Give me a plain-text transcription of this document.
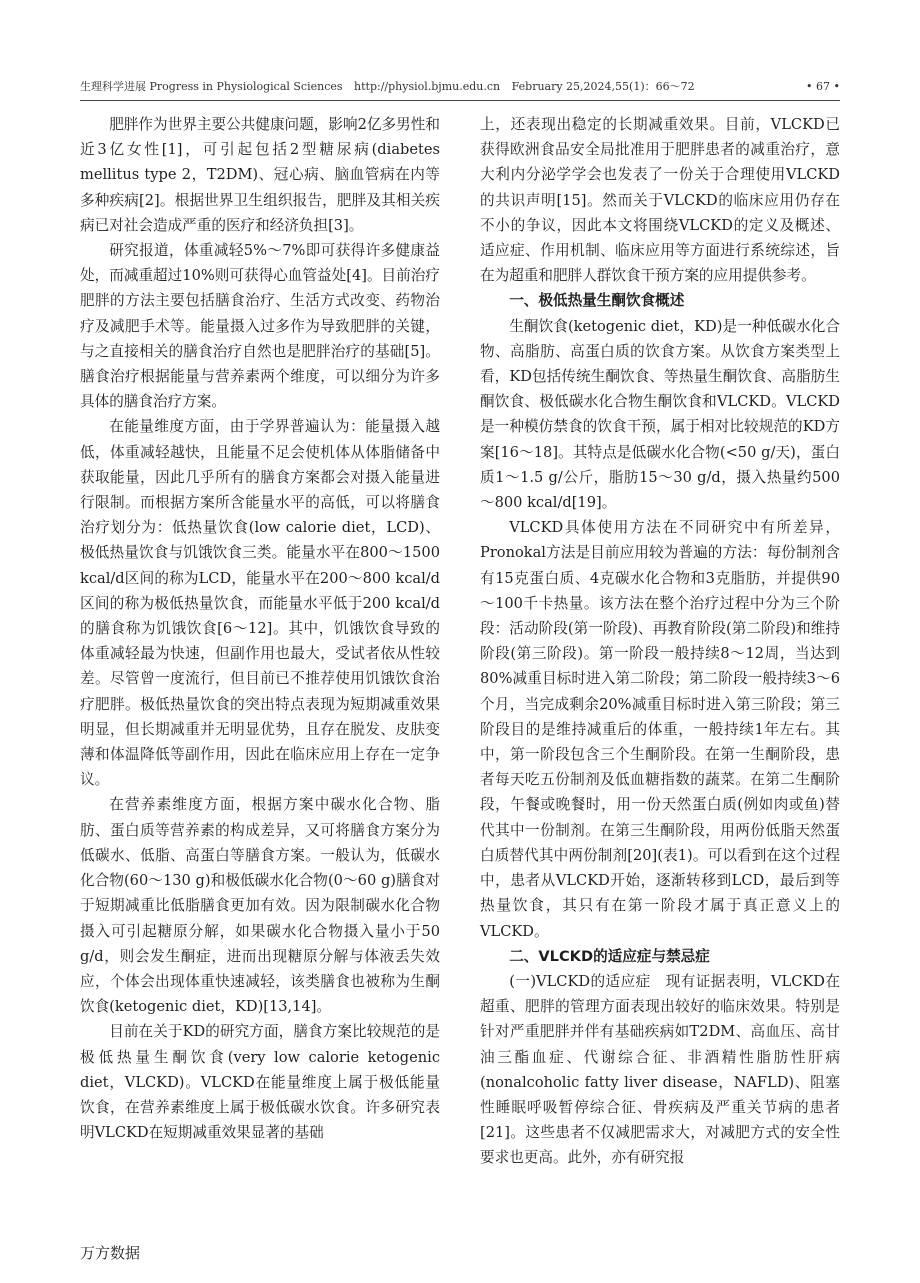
生理科学进展 Progress in Physiological Sciences http://physiol.bjmu.edu.cn February 25,2024,55(1)：66～72	• 67 •

肥胖作为世界主要公共健康问题，影响2亿多男性和近3亿女性[1]，可引起包括2型糖尿病(diabetes mellitus type 2，T2DM)、冠心病、脑血管病在内等多种疾病[2]。根据世界卫生组织报告，肥胖及其相关疾病已对社会造成严重的医疗和经济负担[3]。

研究报道，体重减轻5%～7%即可获得许多健康益处，而减重超过10%则可获得心血管益处[4]。目前治疗肥胖的方法主要包括膳食治疗、生活方式改变、药物治疗及减肥手术等。能量摄入过多作为导致肥胖的关键，与之直接相关的膳食治疗自然也是肥胖治疗的基础[5]。膳食治疗根据能量与营养素两个维度，可以细分为许多具体的膳食治疗方案。

在能量维度方面，由于学界普遍认为：能量摄入越低，体重减轻越快，且能量不足会使机体从体脂储备中获取能量，因此几乎所有的膳食方案都会对摄入能量进行限制。而根据方案所含能量水平的高低，可以将膳食治疗划分为：低热量饮食(low calorie diet，LCD)、极低热量饮食与饥饿饮食三类。能量水平在800～1500 kcal/d区间的称为LCD，能量水平在200～800 kcal/d区间的称为极低热量饮食，而能量水平低于200 kcal/d的膳食称为饥饿饮食[6～12]。其中，饥饿饮食导致的体重减轻最为快速，但副作用也最大，受试者依从性较差。尽管曾一度流行，但目前已不推荐使用饥饿饮食治疗肥胖。极低热量饮食的突出特点表现为短期减重效果明显，但长期减重并无明显优势，且存在脱发、皮肤变薄和体温降低等副作用，因此在临床应用上存在一定争议。

在营养素维度方面，根据方案中碳水化合物、脂肪、蛋白质等营养素的构成差异，又可将膳食方案分为低碳水、低脂、高蛋白等膳食方案。一般认为，低碳水化合物(60～130 g)和极低碳水化合物(0～60 g)膳食对于短期减重比低脂膳食更加有效。因为限制碳水化合物摄入可引起糖原分解，如果碳水化合物摄入量小于50 g/d，则会发生酮症，进而出现糖原分解与体液丢失效应，个体会出现体重快速减轻，该类膳食也被称为生酮饮食(ketogenic diet，KD)[13,14]。

目前在关于KD的研究方面，膳食方案比较规范的是极低热量生酮饮食(very low calorie ketogenic diet，VLCKD)。VLCKD在能量维度上属于极低能量饮食，在营养素维度上属于极低碳水饮食。许多研究表明VLCKD在短期减重效果显著的基础

上，还表现出稳定的长期减重效果。目前，VLCKD已获得欧洲食品安全局批准用于肥胖患者的减重治疗，意大利内分泌学学会也发表了一份关于合理使用VLCKD的共识声明[15]。然而关于VLCKD的临床应用仍存在不小的争议，因此本文将围绕VLCKD的定义及概述、适应症、作用机制、临床应用等方面进行系统综述，旨在为超重和肥胖人群饮食干预方案的应用提供参考。

一、极低热量生酮饮食概述

生酮饮食(ketogenic diet，KD)是一种低碳水化合物、高脂肪、高蛋白质的饮食方案。从饮食方案类型上看，KD包括传统生酮饮食、等热量生酮饮食、高脂肪生酮饮食、极低碳水化合物生酮饮食和VLCKD。VLCKD是一种模仿禁食的饮食干预，属于相对比较规范的KD方案[16～18]。其特点是低碳水化合物(<50 g/天)，蛋白质1～1.5 g/公斤，脂肪15～30 g/d，摄入热量约500～800 kcal/d[19]。

VLCKD具体使用方法在不同研究中有所差异，Pronokal方法是目前应用较为普遍的方法：每份制剂含有15克蛋白质、4克碳水化合物和3克脂肪，并提供90～100千卡热量。该方法在整个治疗过程中分为三个阶段：活动阶段(第一阶段)、再教育阶段(第二阶段)和维持阶段(第三阶段)。第一阶段一般持续8～12周，当达到80%减重目标时进入第二阶段；第二阶段一般持续3～6个月，当完成剩余20%减重目标时进入第三阶段；第三阶段目的是维持减重后的体重，一般持续1年左右。其中，第一阶段包含三个生酮阶段。在第一生酮阶段，患者每天吃五份制剂及低血糖指数的蔬菜。在第二生酮阶段，午餐或晚餐时，用一份天然蛋白质(例如肉或鱼)替代其中一份制剂。在第三生酮阶段，用两份低脂天然蛋白质替代其中两份制剂[20](表1)。可以看到在这个过程中，患者从VLCKD开始，逐渐转移到LCD，最后到等热量饮食，其只有在第一阶段才属于真正意义上的VLCKD。

二、VLCKD的适应症与禁忌症

(一)VLCKD的适应症　现有证据表明，VLCKD在超重、肥胖的管理方面表现出较好的临床效果。特别是针对严重肥胖并伴有基础疾病如T2DM、高血压、高甘油三酯血症、代谢综合征、非酒精性脂肪性肝病(nonalcoholic fatty liver disease，NAFLD)、阻塞性睡眠呼吸暂停综合征、骨疾病及严重关节病的患者[21]。这些患者不仅减肥需求大，对减肥方式的安全性要求也更高。此外，亦有研究报

万方数据
